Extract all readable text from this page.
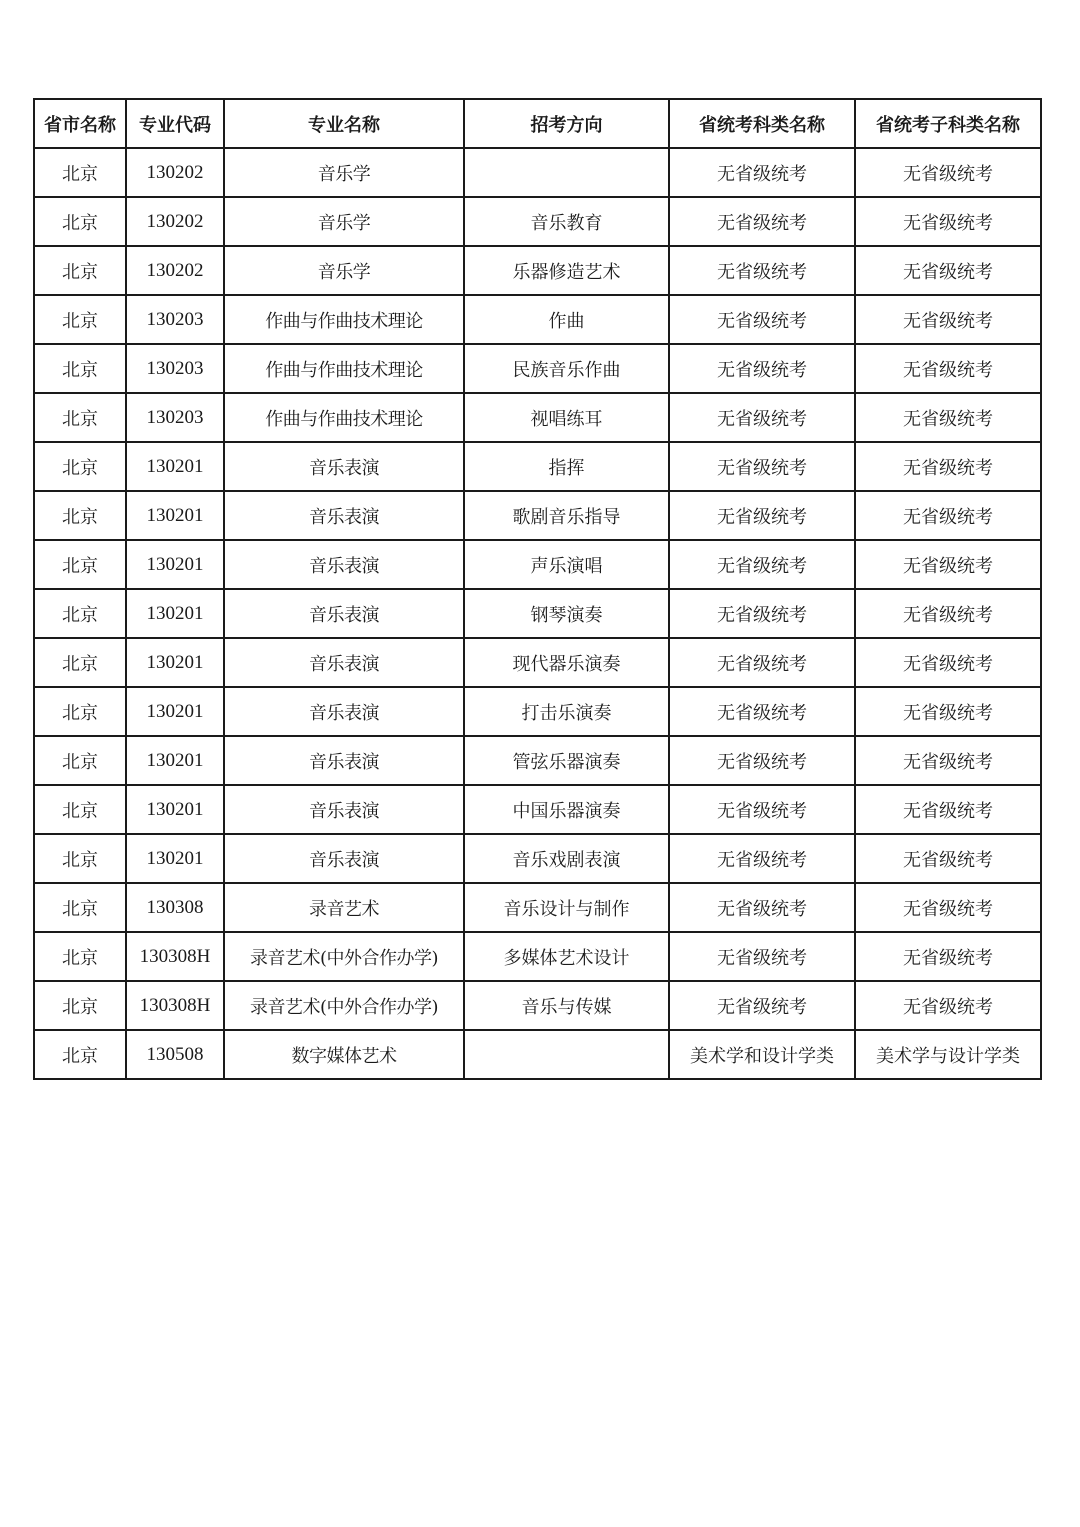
省市名称	专业代码	专业名称	招考方向	省统考科类名称	省统考子科类名称
北京	130202	音乐学		无省级统考	无省级统考
北京	130202	音乐学	音乐教育	无省级统考	无省级统考
北京	130202	音乐学	乐器修造艺术	无省级统考	无省级统考
北京	130203	作曲与作曲技术理论	作曲	无省级统考	无省级统考
北京	130203	作曲与作曲技术理论	民族音乐作曲	无省级统考	无省级统考
北京	130203	作曲与作曲技术理论	视唱练耳	无省级统考	无省级统考
北京	130201	音乐表演	指挥	无省级统考	无省级统考
北京	130201	音乐表演	歌剧音乐指导	无省级统考	无省级统考
北京	130201	音乐表演	声乐演唱	无省级统考	无省级统考
北京	130201	音乐表演	钢琴演奏	无省级统考	无省级统考
北京	130201	音乐表演	现代器乐演奏	无省级统考	无省级统考
北京	130201	音乐表演	打击乐演奏	无省级统考	无省级统考
北京	130201	音乐表演	管弦乐器演奏	无省级统考	无省级统考
北京	130201	音乐表演	中国乐器演奏	无省级统考	无省级统考
北京	130201	音乐表演	音乐戏剧表演	无省级统考	无省级统考
北京	130308	录音艺术	音乐设计与制作	无省级统考	无省级统考
北京	130308H	录音艺术(中外合作办学)	多媒体艺术设计	无省级统考	无省级统考
北京	130308H	录音艺术(中外合作办学)	音乐与传媒	无省级统考	无省级统考
北京	130508	数字媒体艺术		美术学和设计学类	美术学与设计学类
